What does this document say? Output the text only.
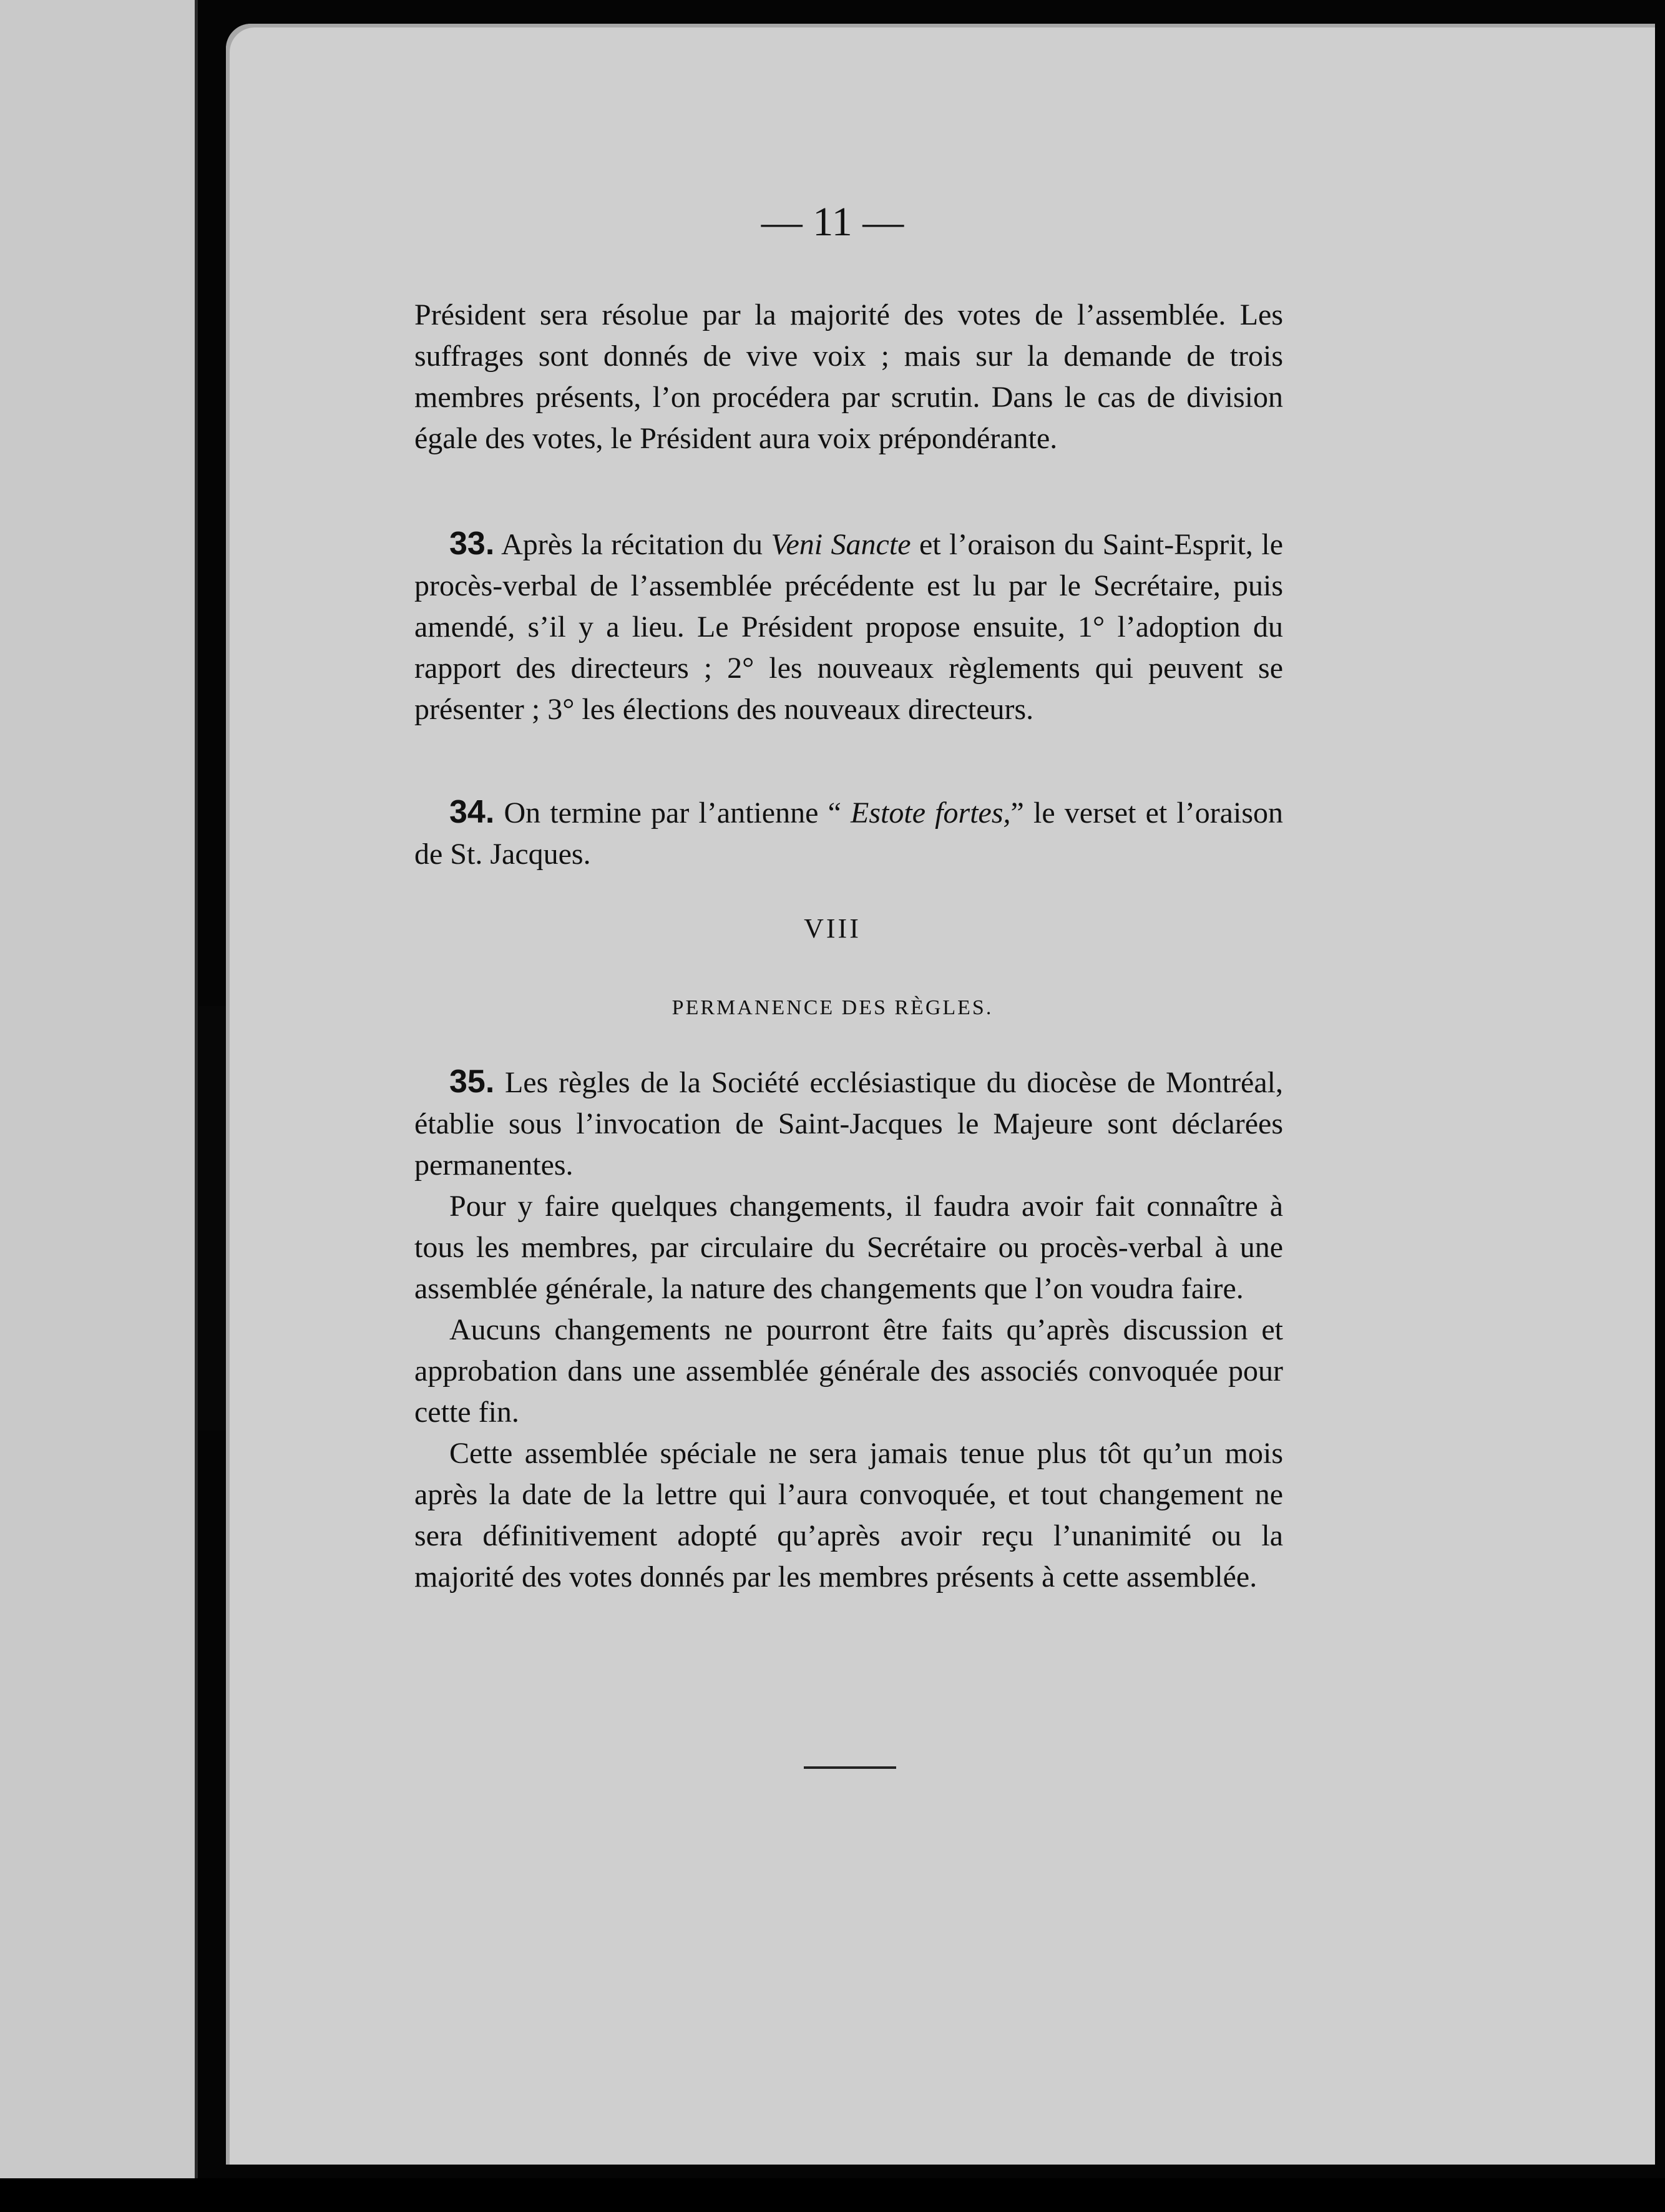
— 11 —

Président sera résolue par la majorité des votes de l’assemblée. Les suffrages sont donnés de vive voix ; mais sur la demande de trois membres présents, l’on procédera par scrutin. Dans le cas de division égale des votes, le Président aura voix prépondérante.

33. Après la récitation du Veni Sancte et l’oraison du Saint-Esprit, le procès-verbal de l’assemblée précédente est lu par le Secrétaire, puis amendé, s’il y a lieu. Le Président propose ensuite, 1° l’adoption du rapport des directeurs ; 2° les nouveaux règlements qui peuvent se présenter ; 3° les élections des nouveaux directeurs.

34. On termine par l’antienne “ Estote fortes,” le verset et l’oraison de St. Jacques.

VIII
PERMANENCE DES RÈGLES.

35. Les règles de la Société ecclésiastique du diocèse de Montréal, établie sous l’invocation de Saint-Jacques le Majeure sont déclarées permanentes.

Pour y faire quelques changements, il faudra avoir fait connaître à tous les membres, par circulaire du Secrétaire ou procès-verbal à une assemblée générale, la nature des changements que l’on voudra faire.

Aucuns changements ne pourront être faits qu’après discussion et approbation dans une assemblée générale des associés convoquée pour cette fin.

Cette assemblée spéciale ne sera jamais tenue plus tôt qu’un mois après la date de la lettre qui l’aura convoquée, et tout changement ne sera définitivement adopté qu’après avoir reçu l’unanimité ou la majorité des votes donnés par les membres présents à cette assemblée.
